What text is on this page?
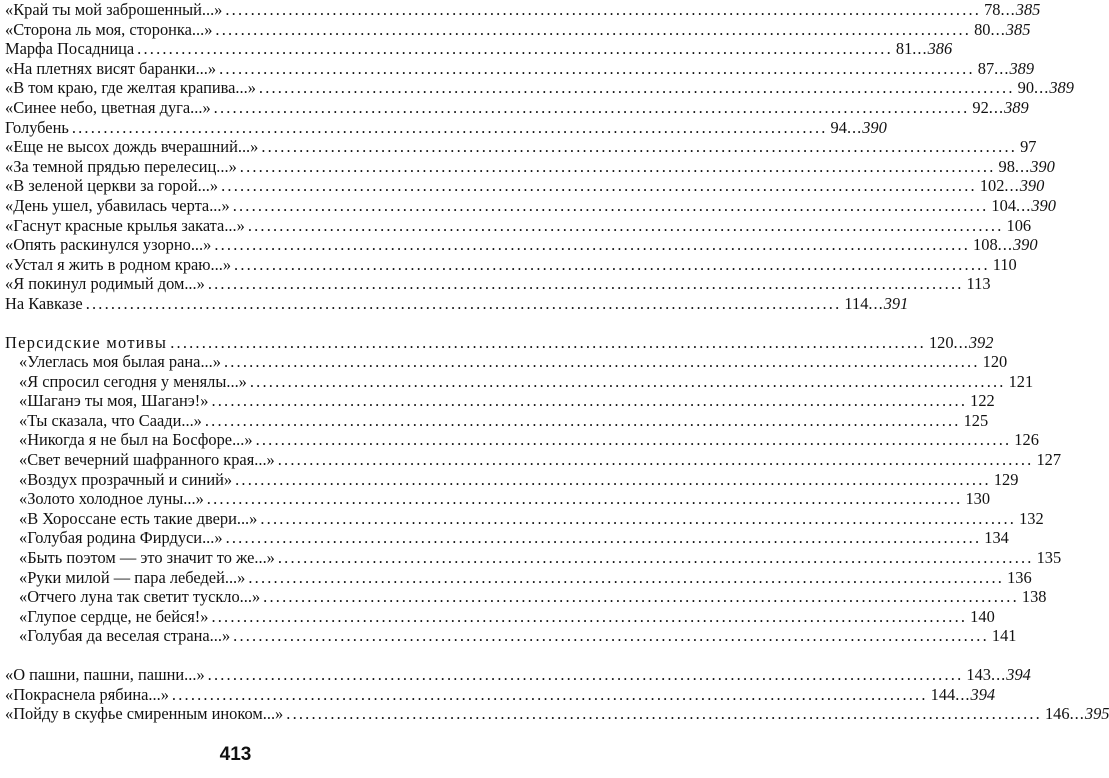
«Край ты мой заброшенный...» ........................................................................................................................ 78...385
«Сторона ль моя, сторонка...» ........................................................................................................................ 80...385
Марфа Посадница ........................................................................................................................ 81...386
«На плетнях висят баранки...» ........................................................................................................................ 87...389
«В том краю, где желтая крапива...» ........................................................................................................................ 90...389
«Синее небо, цветная дуга...» ........................................................................................................................ 92...389
Голубень ........................................................................................................................ 94...390
«Еще не высох дождь вчерашний...» ........................................................................................................................ 97
«За темной прядью перелесиц...» ........................................................................................................................ 98...390
«В зеленой церкви за горой...» ........................................................................................................................ 102...390
«День ушел, убавилась черта...» ........................................................................................................................ 104...390
«Гаснут красные крылья заката...» ........................................................................................................................ 106
«Опять раскинулся узорно...» ........................................................................................................................ 108...390
«Устал я жить в родном краю...» ........................................................................................................................ 110
«Я покинул родимый дом...» ........................................................................................................................ 113
На Кавказе ........................................................................................................................ 114...391
Персидские мотивы ........................................................................................................................ 120...392
«Улеглась моя былая рана...» ........................................................................................................................ 120
«Я спросил сегодня у менялы...» ........................................................................................................................ 121
«Шаганэ ты моя, Шаганэ!» ........................................................................................................................ 122
«Ты сказала, что Саади...» ........................................................................................................................ 125
«Никогда я не был на Босфоре...» ........................................................................................................................ 126
«Свет вечерний шафранного края...» ........................................................................................................................ 127
«Воздух прозрачный и синий» ........................................................................................................................ 129
«Золото холодное луны...» ........................................................................................................................ 130
«В Хороссане есть такие двери...» ........................................................................................................................ 132
«Голубая родина Фирдуси...» ........................................................................................................................ 134
«Быть поэтом — это значит то же...» ........................................................................................................................ 135
«Руки милой — пара лебедей...» ........................................................................................................................ 136
«Отчего луна так светит тускло...» ........................................................................................................................ 138
«Глупое сердце, не бейся!» ........................................................................................................................ 140
«Голубая да веселая страна...» ........................................................................................................................ 141
«О пашни, пашни, пашни...» ........................................................................................................................ 143...394
«Покраснела рябина...» ........................................................................................................................ 144...394
«Пойду в скуфье смиренным иноком...» ........................................................................................................................ 146...395
413
